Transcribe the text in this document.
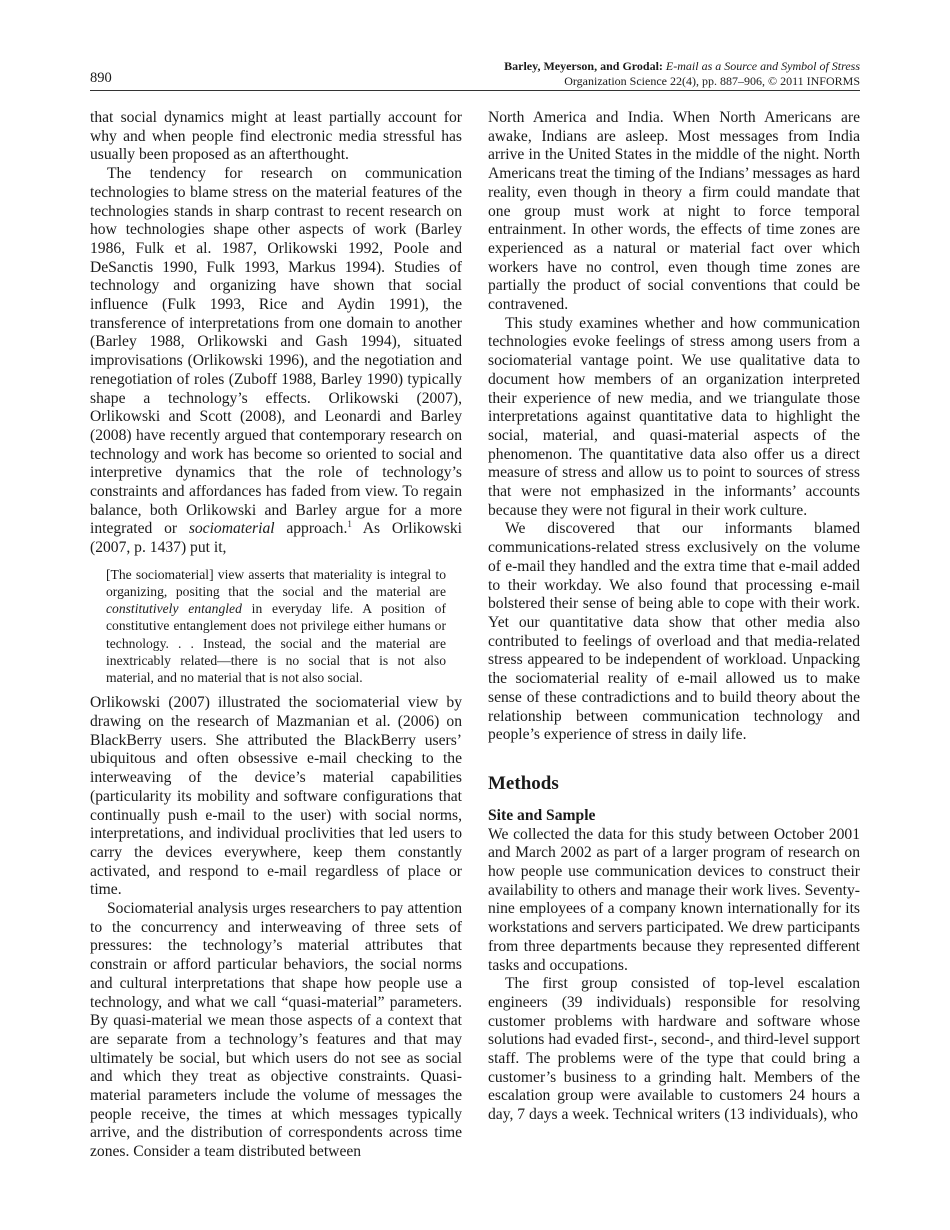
890
Barley, Meyerson, and Grodal: E-mail as a Source and Symbol of Stress
Organization Science 22(4), pp. 887–906, © 2011 INFORMS

that social dynamics might at least partially account for why and when people find electronic media stressful has usually been proposed as an afterthought.

The tendency for research on communication technologies to blame stress on the material features of the technologies stands in sharp contrast to recent research on how technologies shape other aspects of work (Barley 1986, Fulk et al. 1987, Orlikowski 1992, Poole and DeSanctis 1990, Fulk 1993, Markus 1994). Studies of technology and organizing have shown that social influence (Fulk 1993, Rice and Aydin 1991), the transference of interpretations from one domain to another (Barley 1988, Orlikowski and Gash 1994), situated improvisations (Orlikowski 1996), and the negotiation and renegotiation of roles (Zuboff 1988, Barley 1990) typically shape a technology’s effects. Orlikowski (2007), Orlikowski and Scott (2008), and Leonardi and Barley (2008) have recently argued that contemporary research on technology and work has become so oriented to social and interpretive dynamics that the role of technology’s constraints and affordances has faded from view. To regain balance, both Orlikowski and Barley argue for a more integrated or sociomaterial approach.$^1$ As Orlikowski (2007, p. 1437) put it,

[The sociomaterial] view asserts that materiality is integral to organizing, positing that the social and the material are constitutively entangled in everyday life. A position of constitutive entanglement does not privilege either humans or technology. . . Instead, the social and the material are inextricably related—there is no social that is not also material, and no material that is not also social.

Orlikowski (2007) illustrated the sociomaterial view by drawing on the research of Mazmanian et al. (2006) on BlackBerry users. She attributed the BlackBerry users’ ubiquitous and often obsessive e-mail checking to the interweaving of the device’s material capabilities (particularity its mobility and software configurations that continually push e-mail to the user) with social norms, interpretations, and individual proclivities that led users to carry the devices everywhere, keep them constantly activated, and respond to e-mail regardless of place or time.

Sociomaterial analysis urges researchers to pay attention to the concurrency and interweaving of three sets of pressures: the technology’s material attributes that constrain or afford particular behaviors, the social norms and cultural interpretations that shape how people use a technology, and what we call “quasi-material” parameters. By quasi-material we mean those aspects of a context that are separate from a technology’s features and that may ultimately be social, but which users do not see as social and which they treat as objective constraints. Quasi-material parameters include the volume of messages the people receive, the times at which messages typically arrive, and the distribution of correspondents across time zones. Consider a team distributed between

North America and India. When North Americans are awake, Indians are asleep. Most messages from India arrive in the United States in the middle of the night. North Americans treat the timing of the Indians’ messages as hard reality, even though in theory a firm could mandate that one group must work at night to force temporal entrainment. In other words, the effects of time zones are experienced as a natural or material fact over which workers have no control, even though time zones are partially the product of social conventions that could be contravened.

This study examines whether and how communication technologies evoke feelings of stress among users from a sociomaterial vantage point. We use qualitative data to document how members of an organization interpreted their experience of new media, and we triangulate those interpretations against quantitative data to highlight the social, material, and quasi-material aspects of the phenomenon. The quantitative data also offer us a direct measure of stress and allow us to point to sources of stress that were not emphasized in the informants’ accounts because they were not figural in their work culture.

We discovered that our informants blamed communications-related stress exclusively on the volume of e-mail they handled and the extra time that e-mail added to their workday. We also found that processing e-mail bolstered their sense of being able to cope with their work. Yet our quantitative data show that other media also contributed to feelings of overload and that media-related stress appeared to be independent of workload. Unpacking the sociomaterial reality of e-mail allowed us to make sense of these contradictions and to build theory about the relationship between communication technology and people’s experience of stress in daily life.

Methods
Site and Sample

We collected the data for this study between October 2001 and March 2002 as part of a larger program of research on how people use communication devices to construct their availability to others and manage their work lives. Seventy-nine employees of a company known internationally for its workstations and servers participated. We drew participants from three departments because they represented different tasks and occupations.

The first group consisted of top-level escalation engineers (39 individuals) responsible for resolving customer problems with hardware and software whose solutions had evaded first-, second-, and third-level support staff. The problems were of the type that could bring a customer’s business to a grinding halt. Members of the escalation group were available to customers 24 hours a day, 7 days a week. Technical writers (13 individuals), who
